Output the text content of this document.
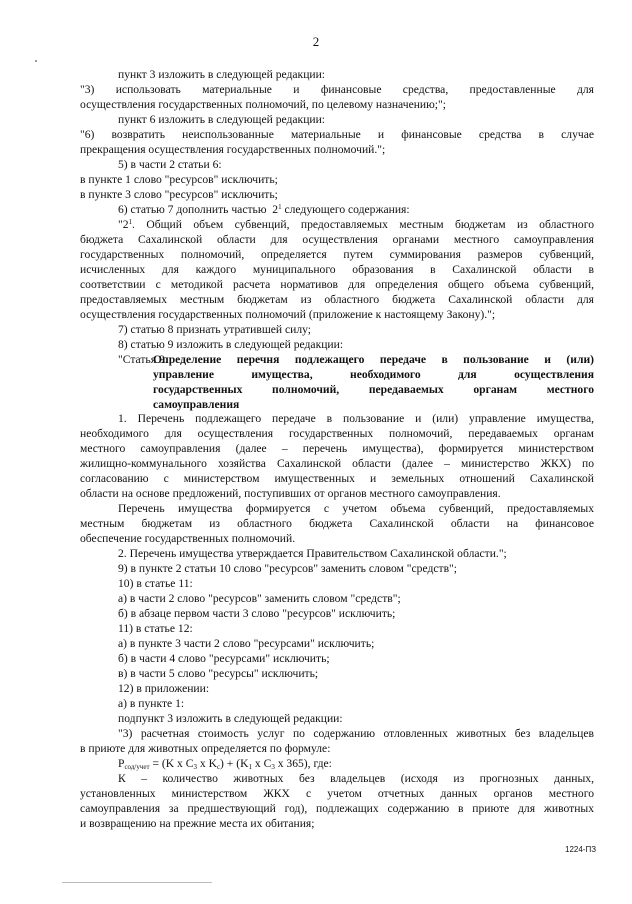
2
пункт 3 изложить в следующей редакции:
"3) использовать материальные и финансовые средства, предоставленные для
осуществления государственных полномочий, по целевому назначению;";
пункт 6 изложить в следующей редакции:
"6) возвратить неиспользованные материальные и финансовые средства в случае
прекращения осуществления государственных полномочий.";
5) в части 2 статьи 6:
в пункте 1 слово "ресурсов" исключить;
в пункте 3 слово "ресурсов" исключить;
6) статью 7 дополнить частью  $2^1$ следующего содержания:
"$2^1$. Общий объем субвенций, предоставляемых местным бюджетам из областного
бюджета Сахалинской области для осуществления органами местного самоуправления
государственных полномочий, определяется путем суммирования размеров субвенций,
исчисленных для каждого муниципального образования в Сахалинской области в
соответствии с методикой расчета нормативов для определения общего объема субвенций,
предоставляемых местным бюджетам из областного бюджета Сахалинской области для
осуществления государственных полномочий (приложение к настоящему Закону).";
7) статью 8 признать утратившей силу;
8) статью 9 изложить в следующей редакции:
"Статья 9.
Определение перечня подлежащего передаче в пользование и (или)
управление имущества, необходимого для осуществления
государственных полномочий, передаваемых органам местного
самоуправления
1. Перечень подлежащего передаче в пользование и (или) управление имущества,
необходимого для осуществления государственных полномочий, передаваемых органам
местного самоуправления (далее – перечень имущества), формируется министерством
жилищно-коммунального хозяйства Сахалинской области (далее – министерство ЖКХ) по
согласованию с министерством имущественных и земельных отношений Сахалинской
области на основе предложений, поступивших от органов местного самоуправления.
Перечень имущества формируется с учетом объема субвенций, предоставляемых
местным бюджетам из областного бюджета Сахалинской области на финансовое
обеспечение государственных полномочий.
2. Перечень имущества утверждается Правительством Сахалинской области.";
9) в пункте 2 статьи 10 слово "ресурсов" заменить словом "средств";
10) в статье 11:
а) в части 2 слово "ресурсов" заменить словом "средств";
б) в абзаце первом части 3 слово "ресурсов" исключить;
11) в статье 12:
а) в пункте 3 части 2 слово "ресурсами" исключить;
б) в части 4 слово "ресурсами" исключить;
в) в части 5 слово "ресурсы" исключить;
12) в приложении:
а) в пункте 1:
подпункт 3 изложить в следующей редакции:
"3) расчетная стоимость услуг по содержанию отловленных животных без владельцев
в приюте для животных определяется по формуле:
$P_{сод/учет} = (K$ x $C_3$ x $K_с) + (K_1$ x $C_3$ x 365), где:
К – количество животных без владельцев (исходя из прогнозных данных,
установленных министерством ЖКХ с учетом отчетных данных органов местного
самоуправления за предшествующий год), подлежащих содержанию в приюте для животных
и возвращению на прежние места их обитания;
1224-ПЗ
